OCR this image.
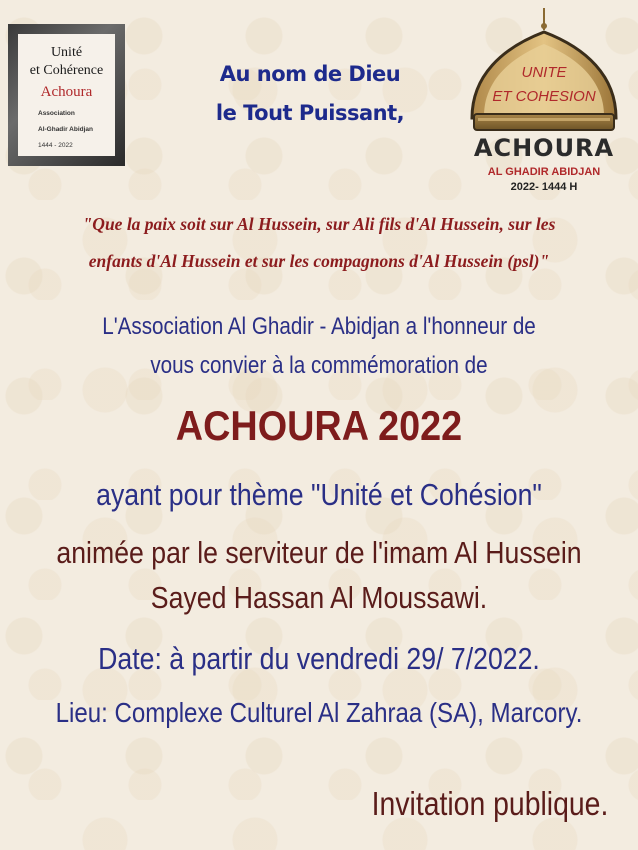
Unité
et Cohérence
Achoura
Association
Al-Ghadir Abidjan
1444 - 2022
Au nom de Dieu
le Tout Puissant,
UNITE
ET COHESION
ACHOURA
AL GHADIR ABIDJAN
2022- 1444 H
"Que la paix soit sur Al Hussein, sur Ali fils d'Al Hussein, sur les
enfants d'Al Hussein et sur les compagnons d'Al Hussein (psl)"
L'Association Al Ghadir - Abidjan a l'honneur de
vous convier à la commémoration de
ACHOURA 2022
ayant pour thème "Unité et Cohésion"
animée par le serviteur de l'imam Al Hussein
Sayed Hassan Al Moussawi.
Date: à partir du vendredi 29/ 7/2022.
Lieu: Complexe Culturel Al Zahraa (SA), Marcory.
Invitation publique.
